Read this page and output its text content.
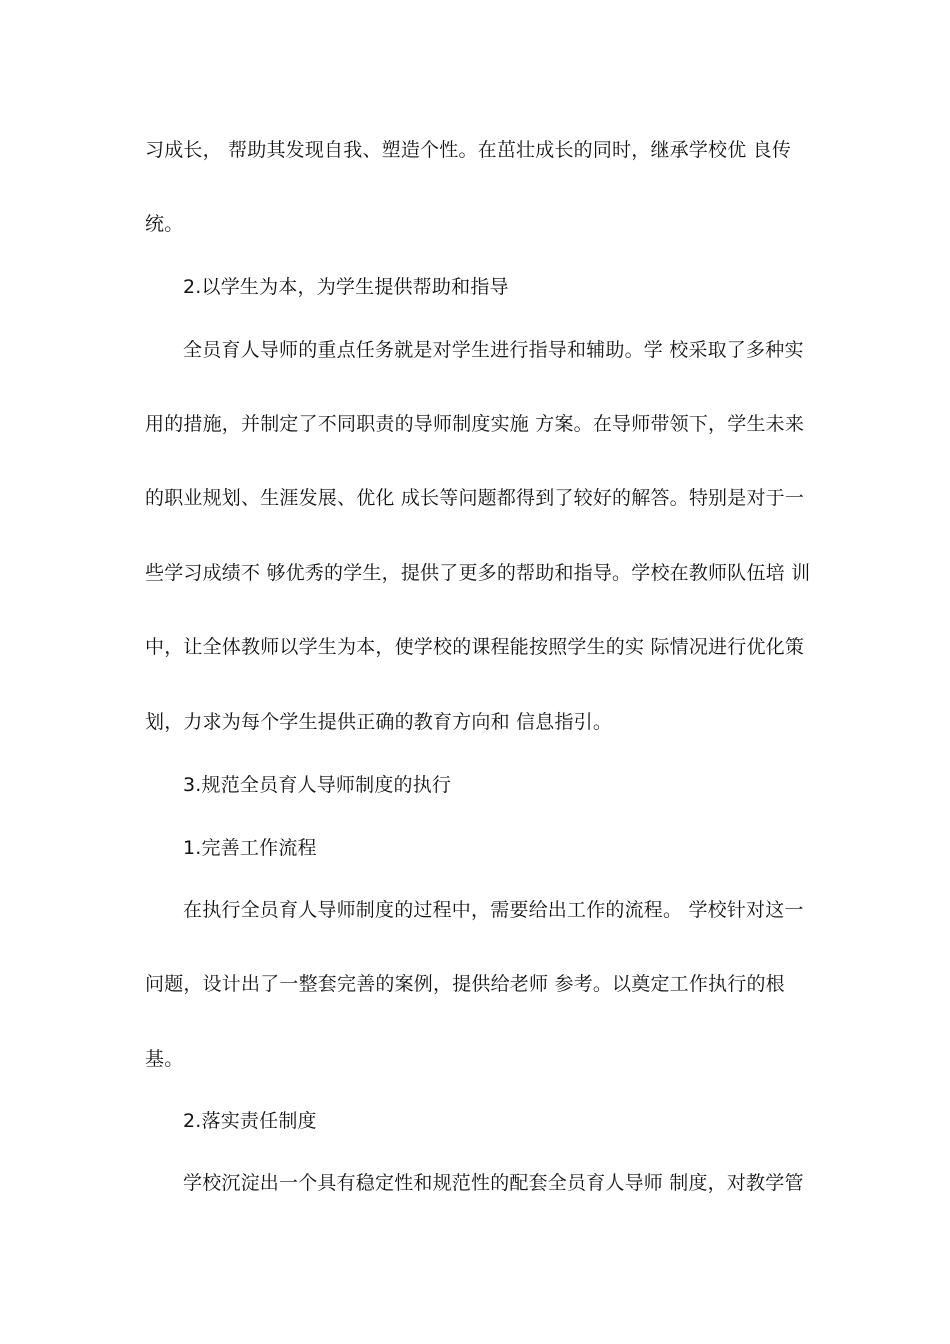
习成长， 帮助其发现自我、塑造个性。在茁壮成长的同时，继承学校优 良传
统。
2.以学生为本，为学生提供帮助和指导
全员育人导师的重点任务就是对学生进行指导和辅助。学 校采取了多种实
用的措施，并制定了不同职责的导师制度实施 方案。在导师带领下，学生未来
的职业规划、生涯发展、优化 成长等问题都得到了较好的解答。特别是对于一
些学习成绩不 够优秀的学生，提供了更多的帮助和指导。学校在教师队伍培 训
中，让全体教师以学生为本，使学校的课程能按照学生的实 际情况进行优化策
划，力求为每个学生提供正确的教育方向和 信息指引。
3.规范全员育人导师制度的执行
1.完善工作流程
在执行全员育人导师制度的过程中，需要给出工作的流程。 学校针对这一
问题，设计出了一整套完善的案例，提供给老师 参考。以奠定工作执行的根
基。
2.落实责任制度
学校沉淀出一个具有稳定性和规范性的配套全员育人导师 制度，对教学管
